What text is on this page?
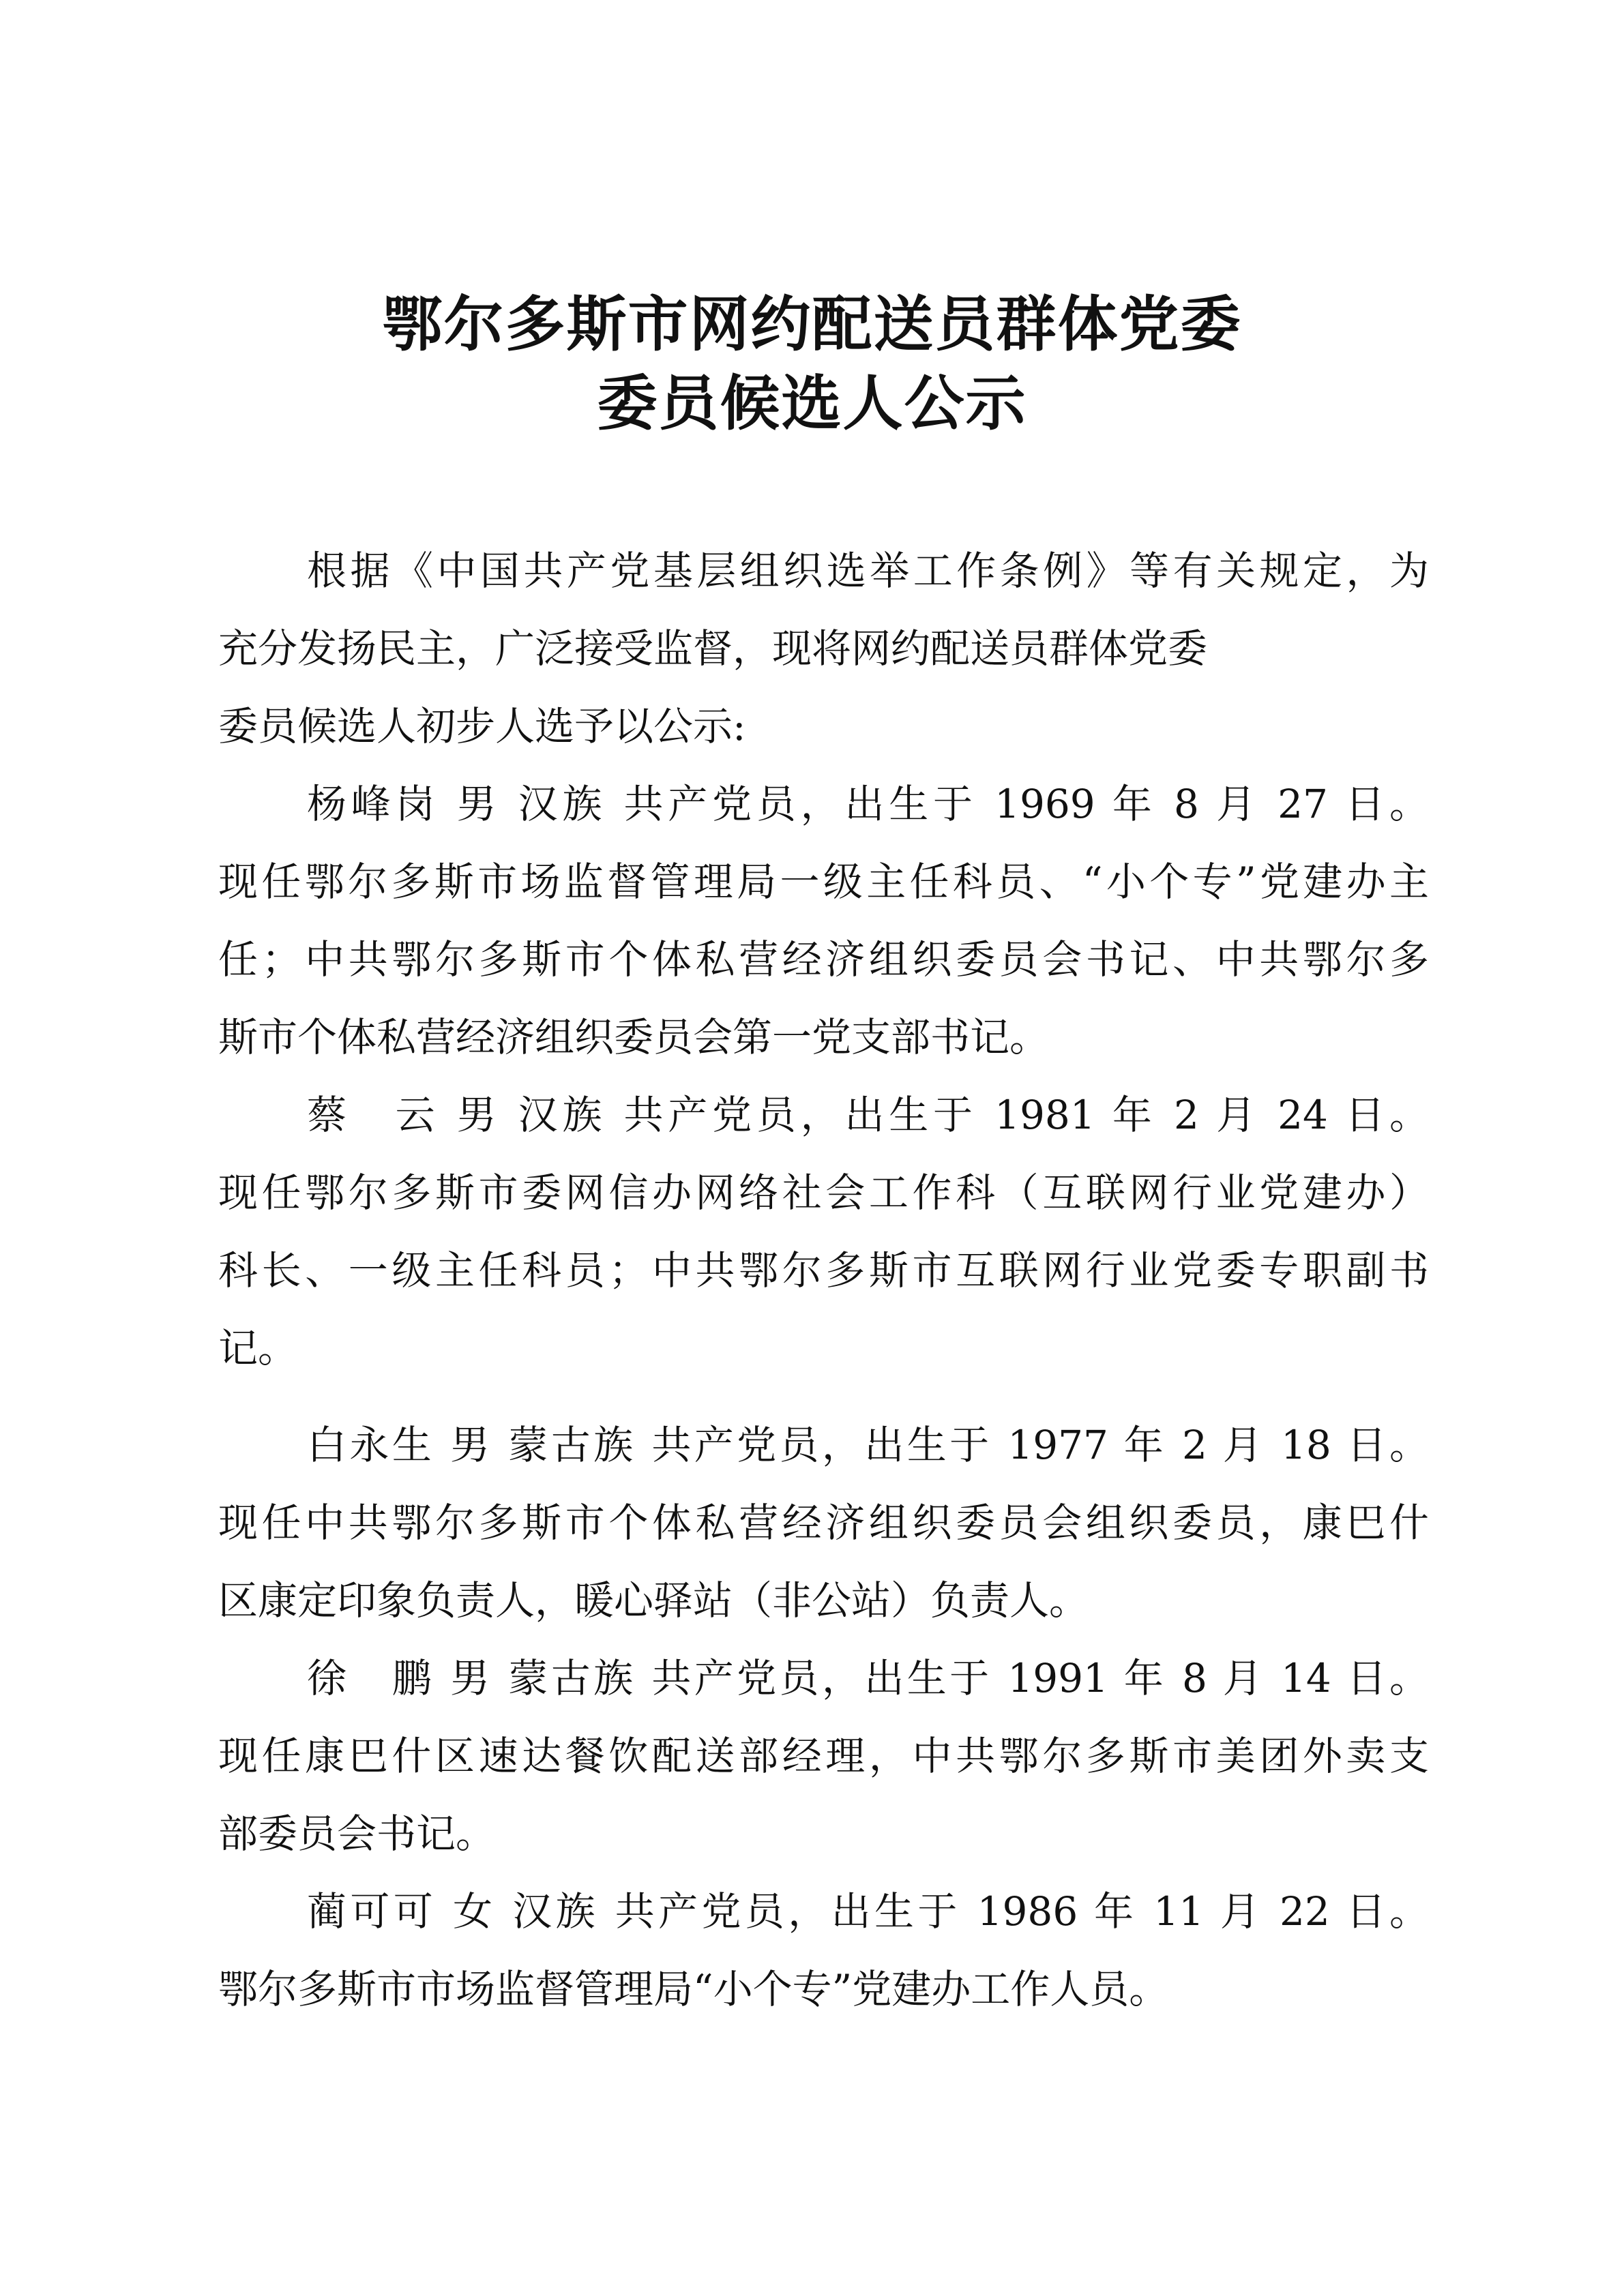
鄂尔多斯市网约配送员群体党委
委员候选人公示
根据《中国共产党基层组织选举工作条例》等有关规定，为
充分发扬民主，广泛接受监督，现将网约配送员群体党委
委员候选人初步人选予以公示:
杨峰岗 男 汉族 共产党员，出生于 1969 年 8 月 27 日。
现任鄂尔多斯市场监督管理局一级主任科员、“小个专”党建办主
任；中共鄂尔多斯市个体私营经济组织委员会书记、中共鄂尔多
斯市个体私营经济组织委员会第一党支部书记。
蔡　云 男 汉族 共产党员，出生于 1981 年 2 月 24 日。
现任鄂尔多斯市委网信办网络社会工作科（互联网行业党建办）
科长、一级主任科员；中共鄂尔多斯市互联网行业党委专职副书
记。
白永生 男 蒙古族 共产党员，出生于 1977 年 2 月 18 日。
现任中共鄂尔多斯市个体私营经济组织委员会组织委员，康巴什
区康定印象负责人，暖心驿站（非公站）负责人。
徐　鹏 男 蒙古族 共产党员，出生于 1991 年 8 月 14 日。
现任康巴什区速达餐饮配送部经理，中共鄂尔多斯市美团外卖支
部委员会书记。
蔺可可 女 汉族 共产党员，出生于 1986 年 11 月 22 日。
鄂尔多斯市市场监督管理局“小个专”党建办工作人员。
